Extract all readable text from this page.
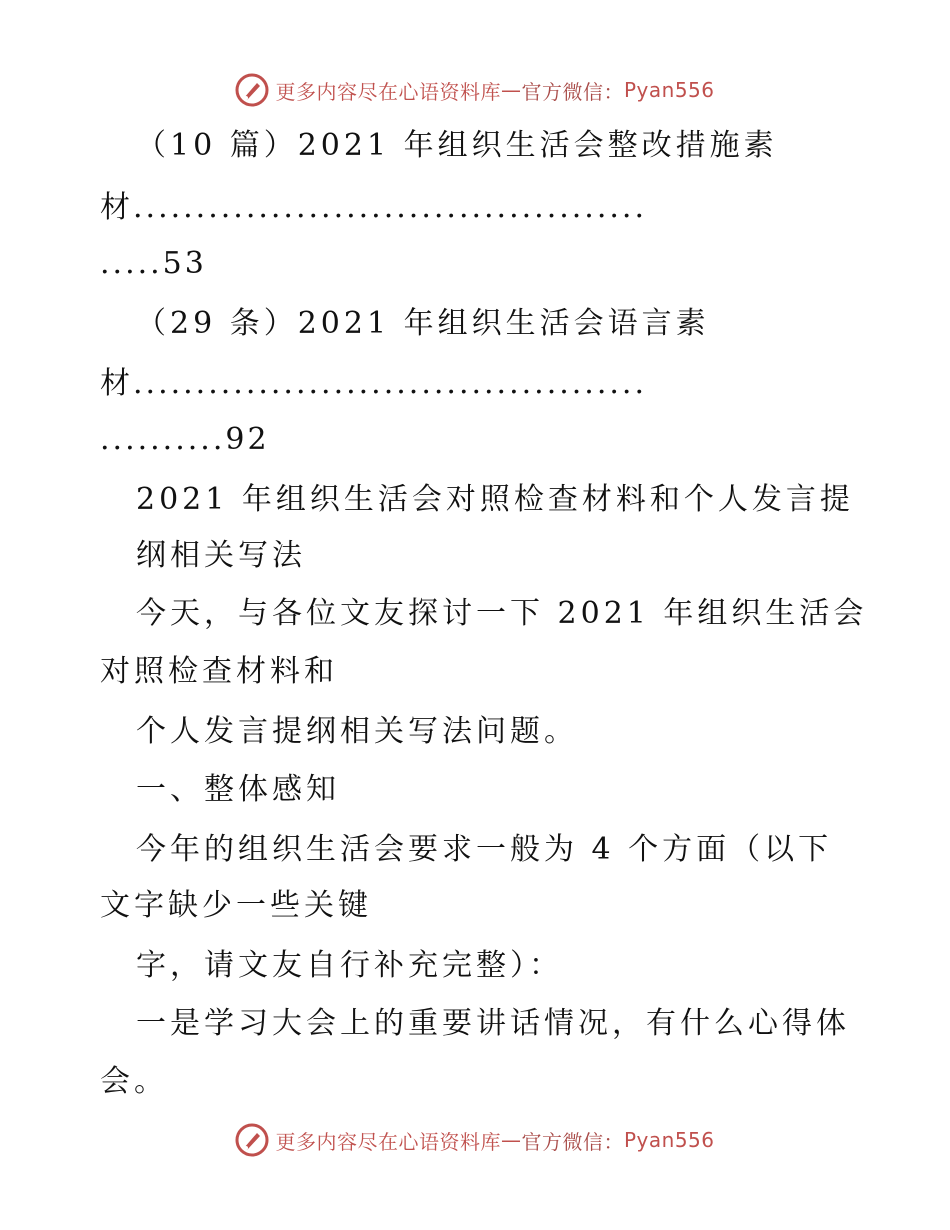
更多内容尽在心语资料库 — 官方微信： Pyan556
（10 篇）2021 年组织生活会整改措施素
材.........................................
.....53
（29 条）2021 年组织生活会语言素
材.........................................
..........92
2021 年组织生活会对照检查材料和个人发言提
纲相关写法
今天，与各位文友探讨一下 2021 年组织生活会
对照检查材料和
个人发言提纲相关写法问题。
一、整体感知
今年的组织生活会要求一般为 4 个方面（以下
文字缺少一些关键
字，请文友自行补充完整）：
一是学习大会上的重要讲话情况，有什么心得体
会。
更多内容尽在心语资料库 — 官方微信： Pyan556
